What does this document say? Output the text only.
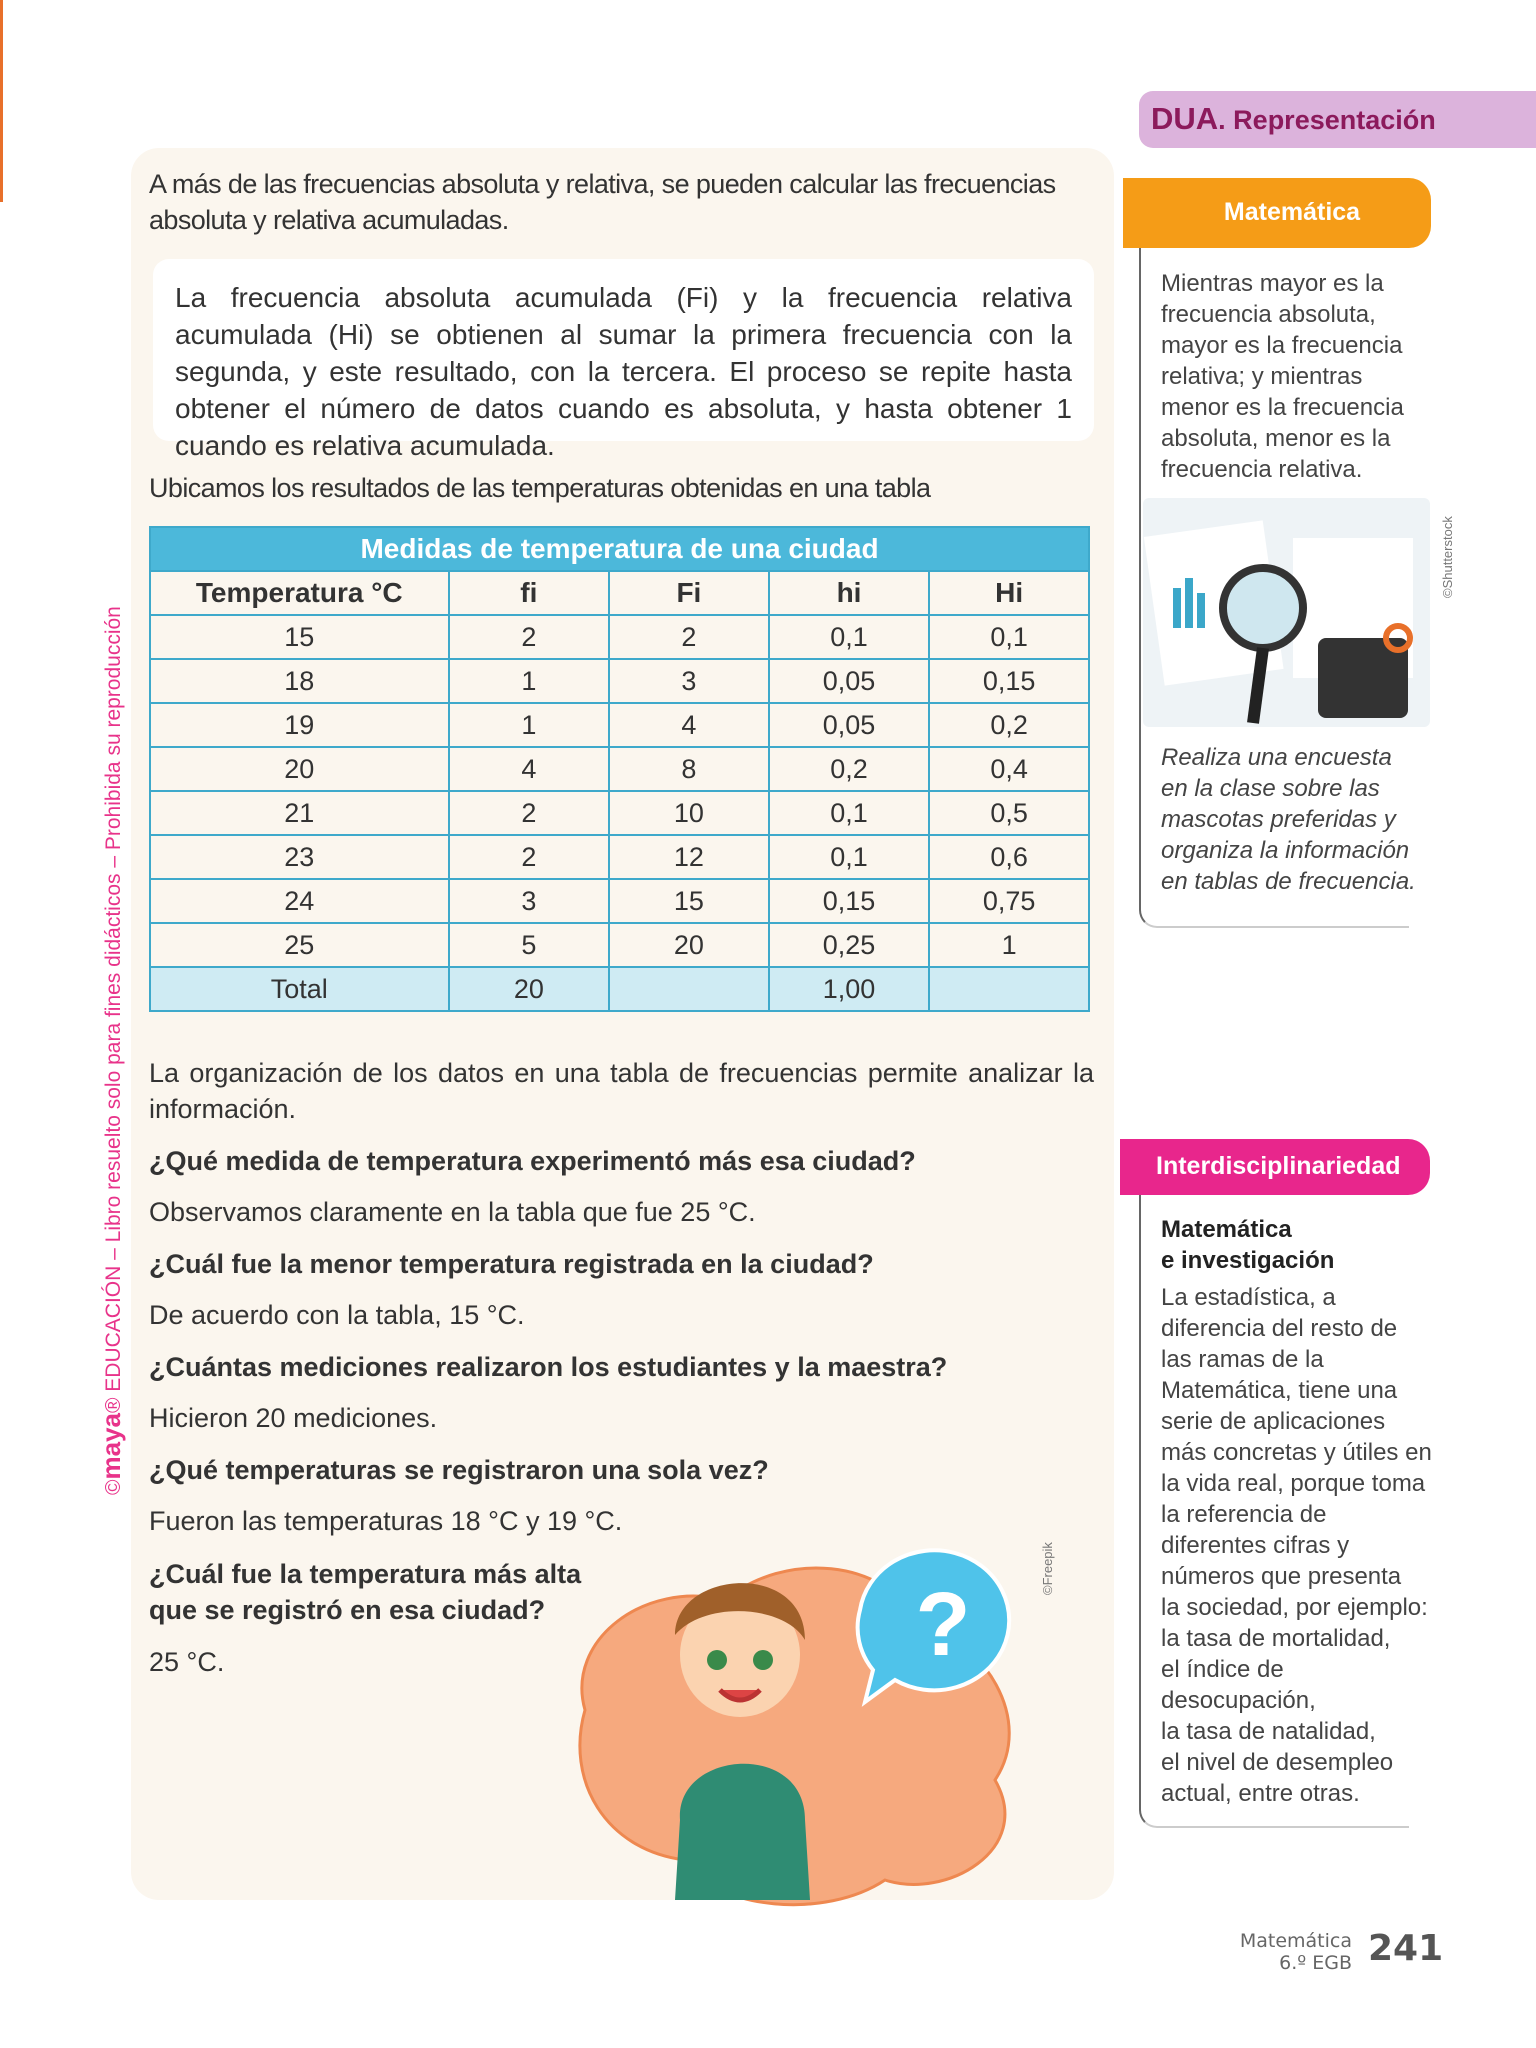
DUA. Representación
A más de las frecuencias absoluta y relativa, se pueden calcular las frecuencias absoluta y relativa acumuladas.
La frecuencia absoluta acumulada (Fi) y la frecuencia relativa acumulada (Hi) se obtienen al sumar la primera frecuencia con la segunda, y este resultado, con la tercera. El proceso se repite hasta obtener el número de datos cuando es absoluta, y hasta obtener 1 cuando es relativa acumulada.
Ubicamos los resultados de las temperaturas obtenidas en una tabla
Medidas de temperatura de una ciudad				
Temperatura °C	fi	Fi	hi	Hi
15	2	2	0,1	0,1
18	1	3	0,05	0,15
19	1	4	0,05	0,2
20	4	8	0,2	0,4
21	2	10	0,1	0,5
23	2	12	0,1	0,6
24	3	15	0,15	0,75
25	5	20	0,25	1
Total	20		1,00	
La organización de los datos en una tabla de frecuencias permite analizar la información.
¿Qué medida de temperatura experimentó más esa ciudad?
Observamos claramente en la tabla que fue 25 °C.
¿Cuál fue la menor temperatura registrada en la ciudad?
De acuerdo con la tabla, 15 °C.
¿Cuántas mediciones realizaron los estudiantes y la maestra?
Hicieron 20 mediciones.
¿Qué temperaturas se registraron una sola vez?
Fueron las temperaturas 18 °C y 19 °C.
¿Cuál fue la temperatura más alta
que se registró en esa ciudad?
25 °C.
©maya® EDUCACIÓN – Libro resuelto solo para fines didácticos – Prohibida su reproducción
©Freepik
©Shutterstock
?
Matemática
Mientras mayor es la
frecuencia absoluta,
mayor es la frecuencia
relativa; y mientras
menor es la frecuencia
absoluta, menor es la
frecuencia relativa.
Realiza una encuesta
en la clase sobre las
mascotas preferidas y
organiza la información
en tablas de frecuencia.
Interdisciplinariedad
Matemática
e investigación
La estadística, a
diferencia del resto de
las ramas de la
Matemática, tiene una
serie de aplicaciones
más concretas y útiles en
la vida real, porque toma
la referencia de
diferentes cifras y
números que presenta
la sociedad, por ejemplo:
la tasa de mortalidad,
el índice de
desocupación,
la tasa de natalidad,
el nivel de desempleo
actual, entre otras.
Matemática
6.º EGB 241
